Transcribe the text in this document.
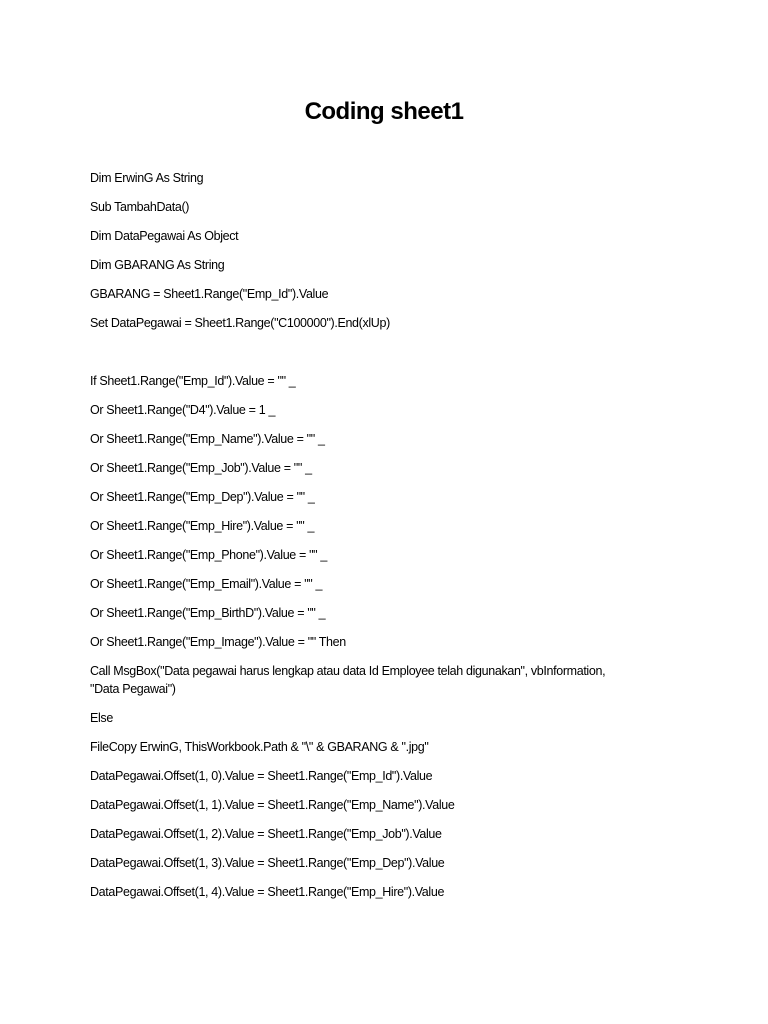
Coding sheet1
Dim ErwinG As String
Sub TambahData()
Dim DataPegawai As Object
Dim GBARANG As String
GBARANG = Sheet1.Range("Emp_Id").Value
Set DataPegawai = Sheet1.Range("C100000").End(xlUp)
If Sheet1.Range("Emp_Id").Value = "" _
Or Sheet1.Range("D4").Value = 1 _
Or Sheet1.Range("Emp_Name").Value = "" _
Or Sheet1.Range("Emp_Job").Value = "" _
Or Sheet1.Range("Emp_Dep").Value = "" _
Or Sheet1.Range("Emp_Hire").Value = "" _
Or Sheet1.Range("Emp_Phone").Value = "" _
Or Sheet1.Range("Emp_Email").Value = "" _
Or Sheet1.Range("Emp_BirthD").Value = "" _
Or Sheet1.Range("Emp_Image").Value = "" Then
Call MsgBox("Data pegawai harus lengkap atau data Id Employee telah digunakan", vbInformation,
"Data Pegawai")
Else
FileCopy ErwinG, ThisWorkbook.Path & "\" & GBARANG & ".jpg"
DataPegawai.Offset(1, 0).Value = Sheet1.Range("Emp_Id").Value
DataPegawai.Offset(1, 1).Value = Sheet1.Range("Emp_Name").Value
DataPegawai.Offset(1, 2).Value = Sheet1.Range("Emp_Job").Value
DataPegawai.Offset(1, 3).Value = Sheet1.Range("Emp_Dep").Value
DataPegawai.Offset(1, 4).Value = Sheet1.Range("Emp_Hire").Value
